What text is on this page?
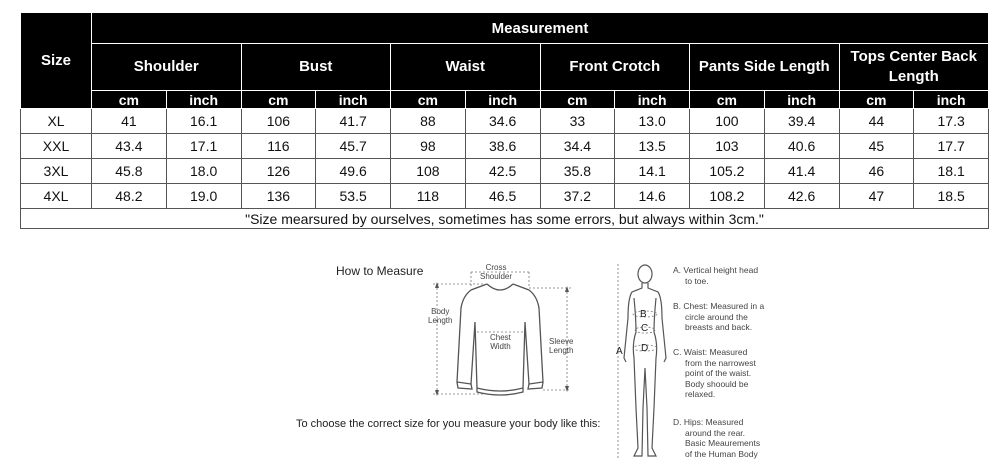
Size	Measurement											
	Shoulder		Bust		Waist		Front Crotch		Pants Side Length		Tops Center Back Length	
	cm	inch	cm	inch	cm	inch	cm	inch	cm	inch	cm	inch
XL	41	16.1	106	41.7	88	34.6	33	13.0	100	39.4	44	17.3
XXL	43.4	17.1	116	45.7	98	38.6	34.4	13.5	103	40.6	45	17.7
3XL	45.8	18.0	126	49.6	108	42.5	35.8	14.1	105.2	41.4	46	18.1
4XL	48.2	19.0	136	53.5	118	46.5	37.2	14.6	108.2	42.6	47	18.5
"Size mearsured by ourselves, sometimes has some errors, but always within 3cm."												
How to Measure
To choose the correct size for you measure your body like this:
Cross
Shoulder
Body
Length
Chest
Width
Sleeve
Length	A
B
C
D
A. Vertical height head
to toe.
B. Chest: Measured in a
circle around the
breasts and back.
C. Waist: Measured
from the narrowest
point of the waist.
Body shoould be
relaxed.
D. Hips: Measured
around the rear.
Basic Meaurements
of the Human Body
